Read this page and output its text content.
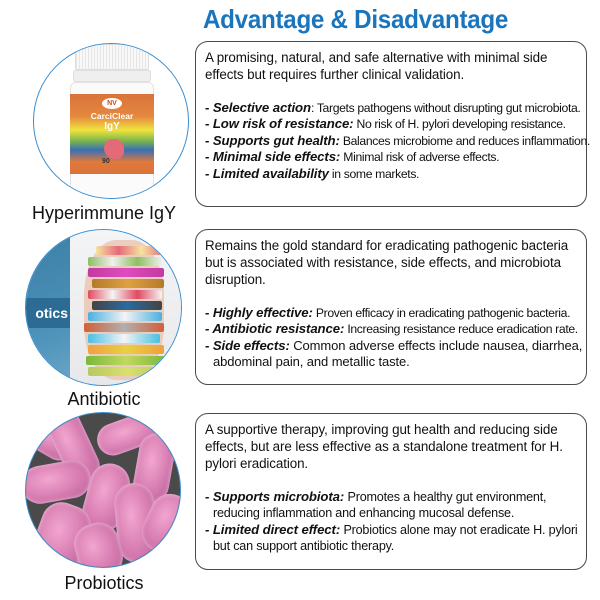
Advantage & Disadvantage
NV
CarciClear
IgY
90
Hyperimmune IgY
A promising, natural, and safe alternative with minimal side effects but requires further clinical validation.
- Selective action: Targets pathogens without disrupting gut microbiota.
- Low risk of resistance: No risk of H. pylori developing resistance.
- Supports gut health: Balances microbiome and reduces inflammation.
- Minimal side effects: Minimal risk of adverse effects.
- Limited availability in some markets.
otics
Antibiotic
Remains the gold standard for eradicating pathogenic bacteria but is associated with resistance, side effects, and microbiota disruption.
- Highly effective: Proven efficacy in eradicating pathogenic bacteria.
- Antibiotic resistance: Increasing resistance reduce eradication rate.
- Side effects: Common adverse effects include nausea, diarrhea,
abdominal pain, and metallic taste.
Probiotics
A supportive therapy, improving gut health and reducing side effects, but are less effective as a standalone treatment for H. pylori eradication.
- Supports microbiota: Promotes a healthy gut environment,
reducing inflammation and enhancing mucosal defense.
- Limited direct effect: Probiotics alone may not eradicate H. pylori
but can support antibiotic therapy.
